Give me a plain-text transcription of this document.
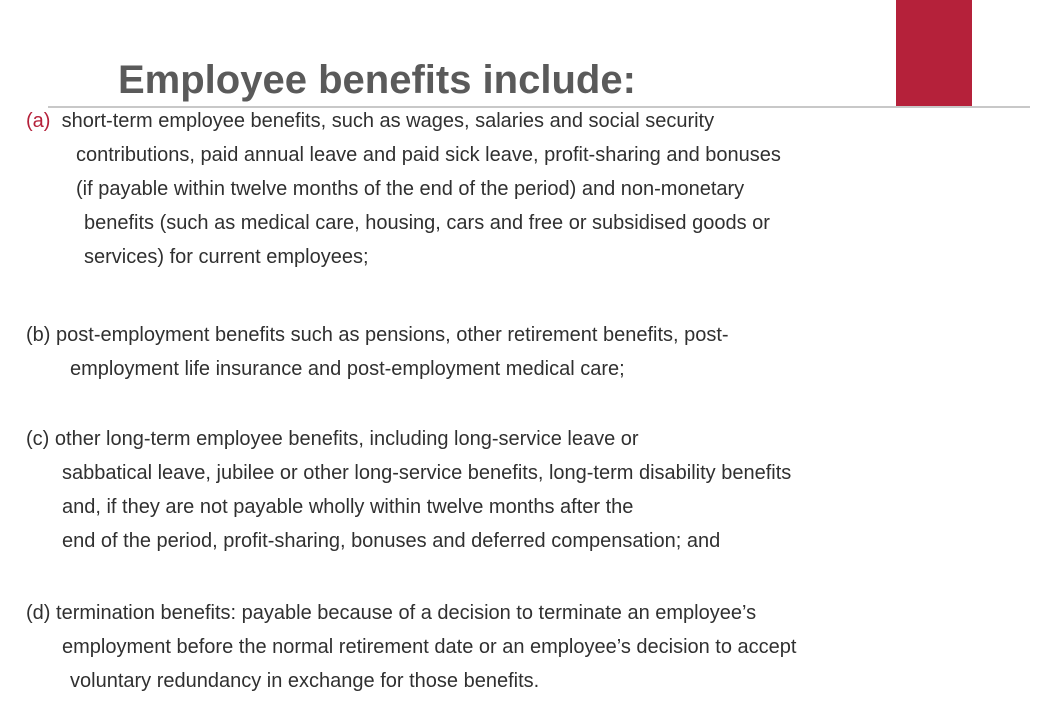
Employee benefits include:

(a) short-term employee benefits, such as wages, salaries and social security

contributions, paid annual leave and paid sick leave, profit-sharing and bonuses

(if payable within twelve months of the end of the period) and non-monetary

benefits (such as medical care, housing, cars and free or subsidised goods or

services) for current employees;

(b) post-employment benefits such as pensions, other retirement benefits, post-

employment life insurance and post-employment medical care;

(c) other long-term employee benefits, including long-service leave or

sabbatical leave, jubilee or other long-service benefits, long-term disability benefits

and, if they are not payable wholly within twelve months after the

end of the period, profit-sharing, bonuses and deferred compensation; and

(d) termination benefits: payable because of a decision to terminate an employee’s

employment before the normal retirement date or an employee’s decision to accept

voluntary redundancy in exchange for those benefits.
